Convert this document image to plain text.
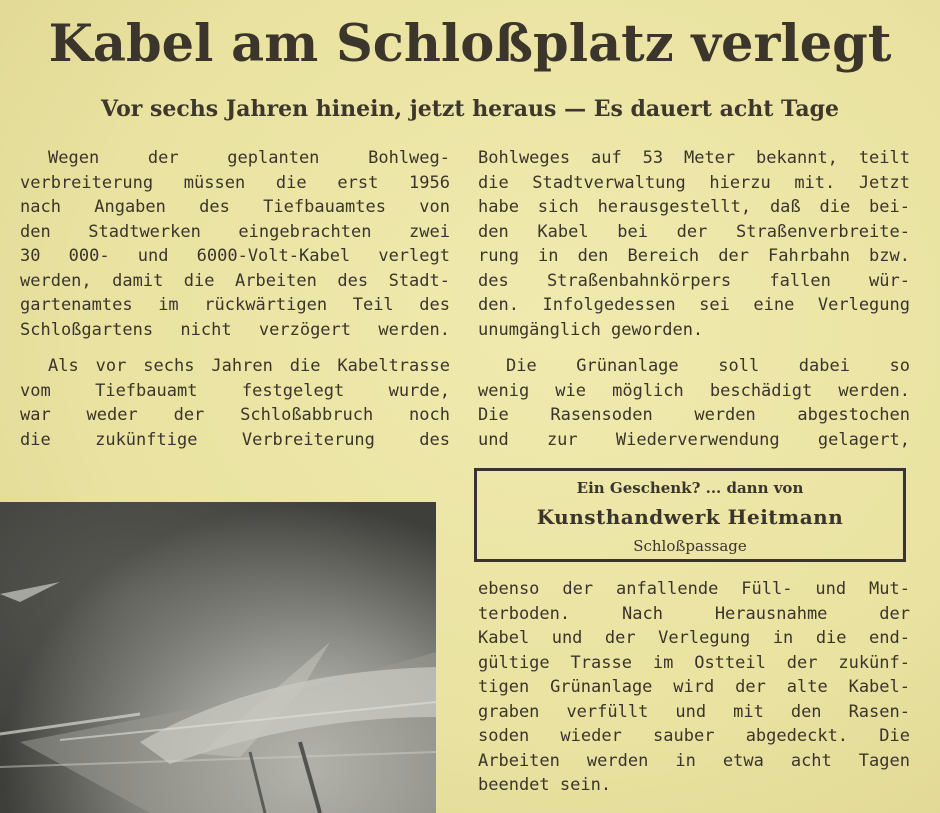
Kabel am Schloßplatz verlegt
Vor sechs Jahren hinein, jetzt heraus — Es dauert acht Tage

Wegen der geplanten Bohlweg-
verbreiterung müssen die erst 1956
nach Angaben des Tiefbauamtes von
den Stadtwerken eingebrachten zwei
30 000- und 6000-Volt-Kabel verlegt
werden, damit die Arbeiten des Stadt-
gartenamtes im rückwärtigen Teil des
Schloßgartens nicht verzögert werden.

Als vor sechs Jahren die Kabeltrasse
vom Tiefbauamt festgelegt wurde,
war weder der Schloßabbruch noch
die zukünftige Verbreiterung des

Bohlweges auf 53 Meter bekannt, teilt
die Stadtverwaltung hierzu mit. Jetzt
habe sich herausgestellt, daß die bei-
den Kabel bei der Straßenverbreite-
rung in den Bereich der Fahrbahn bzw.
des Straßenbahnkörpers fallen wür-
den. Infolgedessen sei eine Verlegung
unumgänglich geworden.

Die Grünanlage soll dabei so
wenig wie möglich beschädigt werden.
Die Rasensoden werden abgestochen
und zur Wiederverwendung gelagert,

Ein Geschenk? ... dann von
Kunsthandwerk Heitmann
Schloßpassage

ebenso der anfallende Füll- und Mut-
terboden. Nach Herausnahme der
Kabel und der Verlegung in die end-
gültige Trasse im Ostteil der zukünf-
tigen Grünanlage wird der alte Kabel-
graben verfüllt und mit den Rasen-
soden wieder sauber abgedeckt. Die
Arbeiten werden in etwa acht Tagen
beendet sein.
